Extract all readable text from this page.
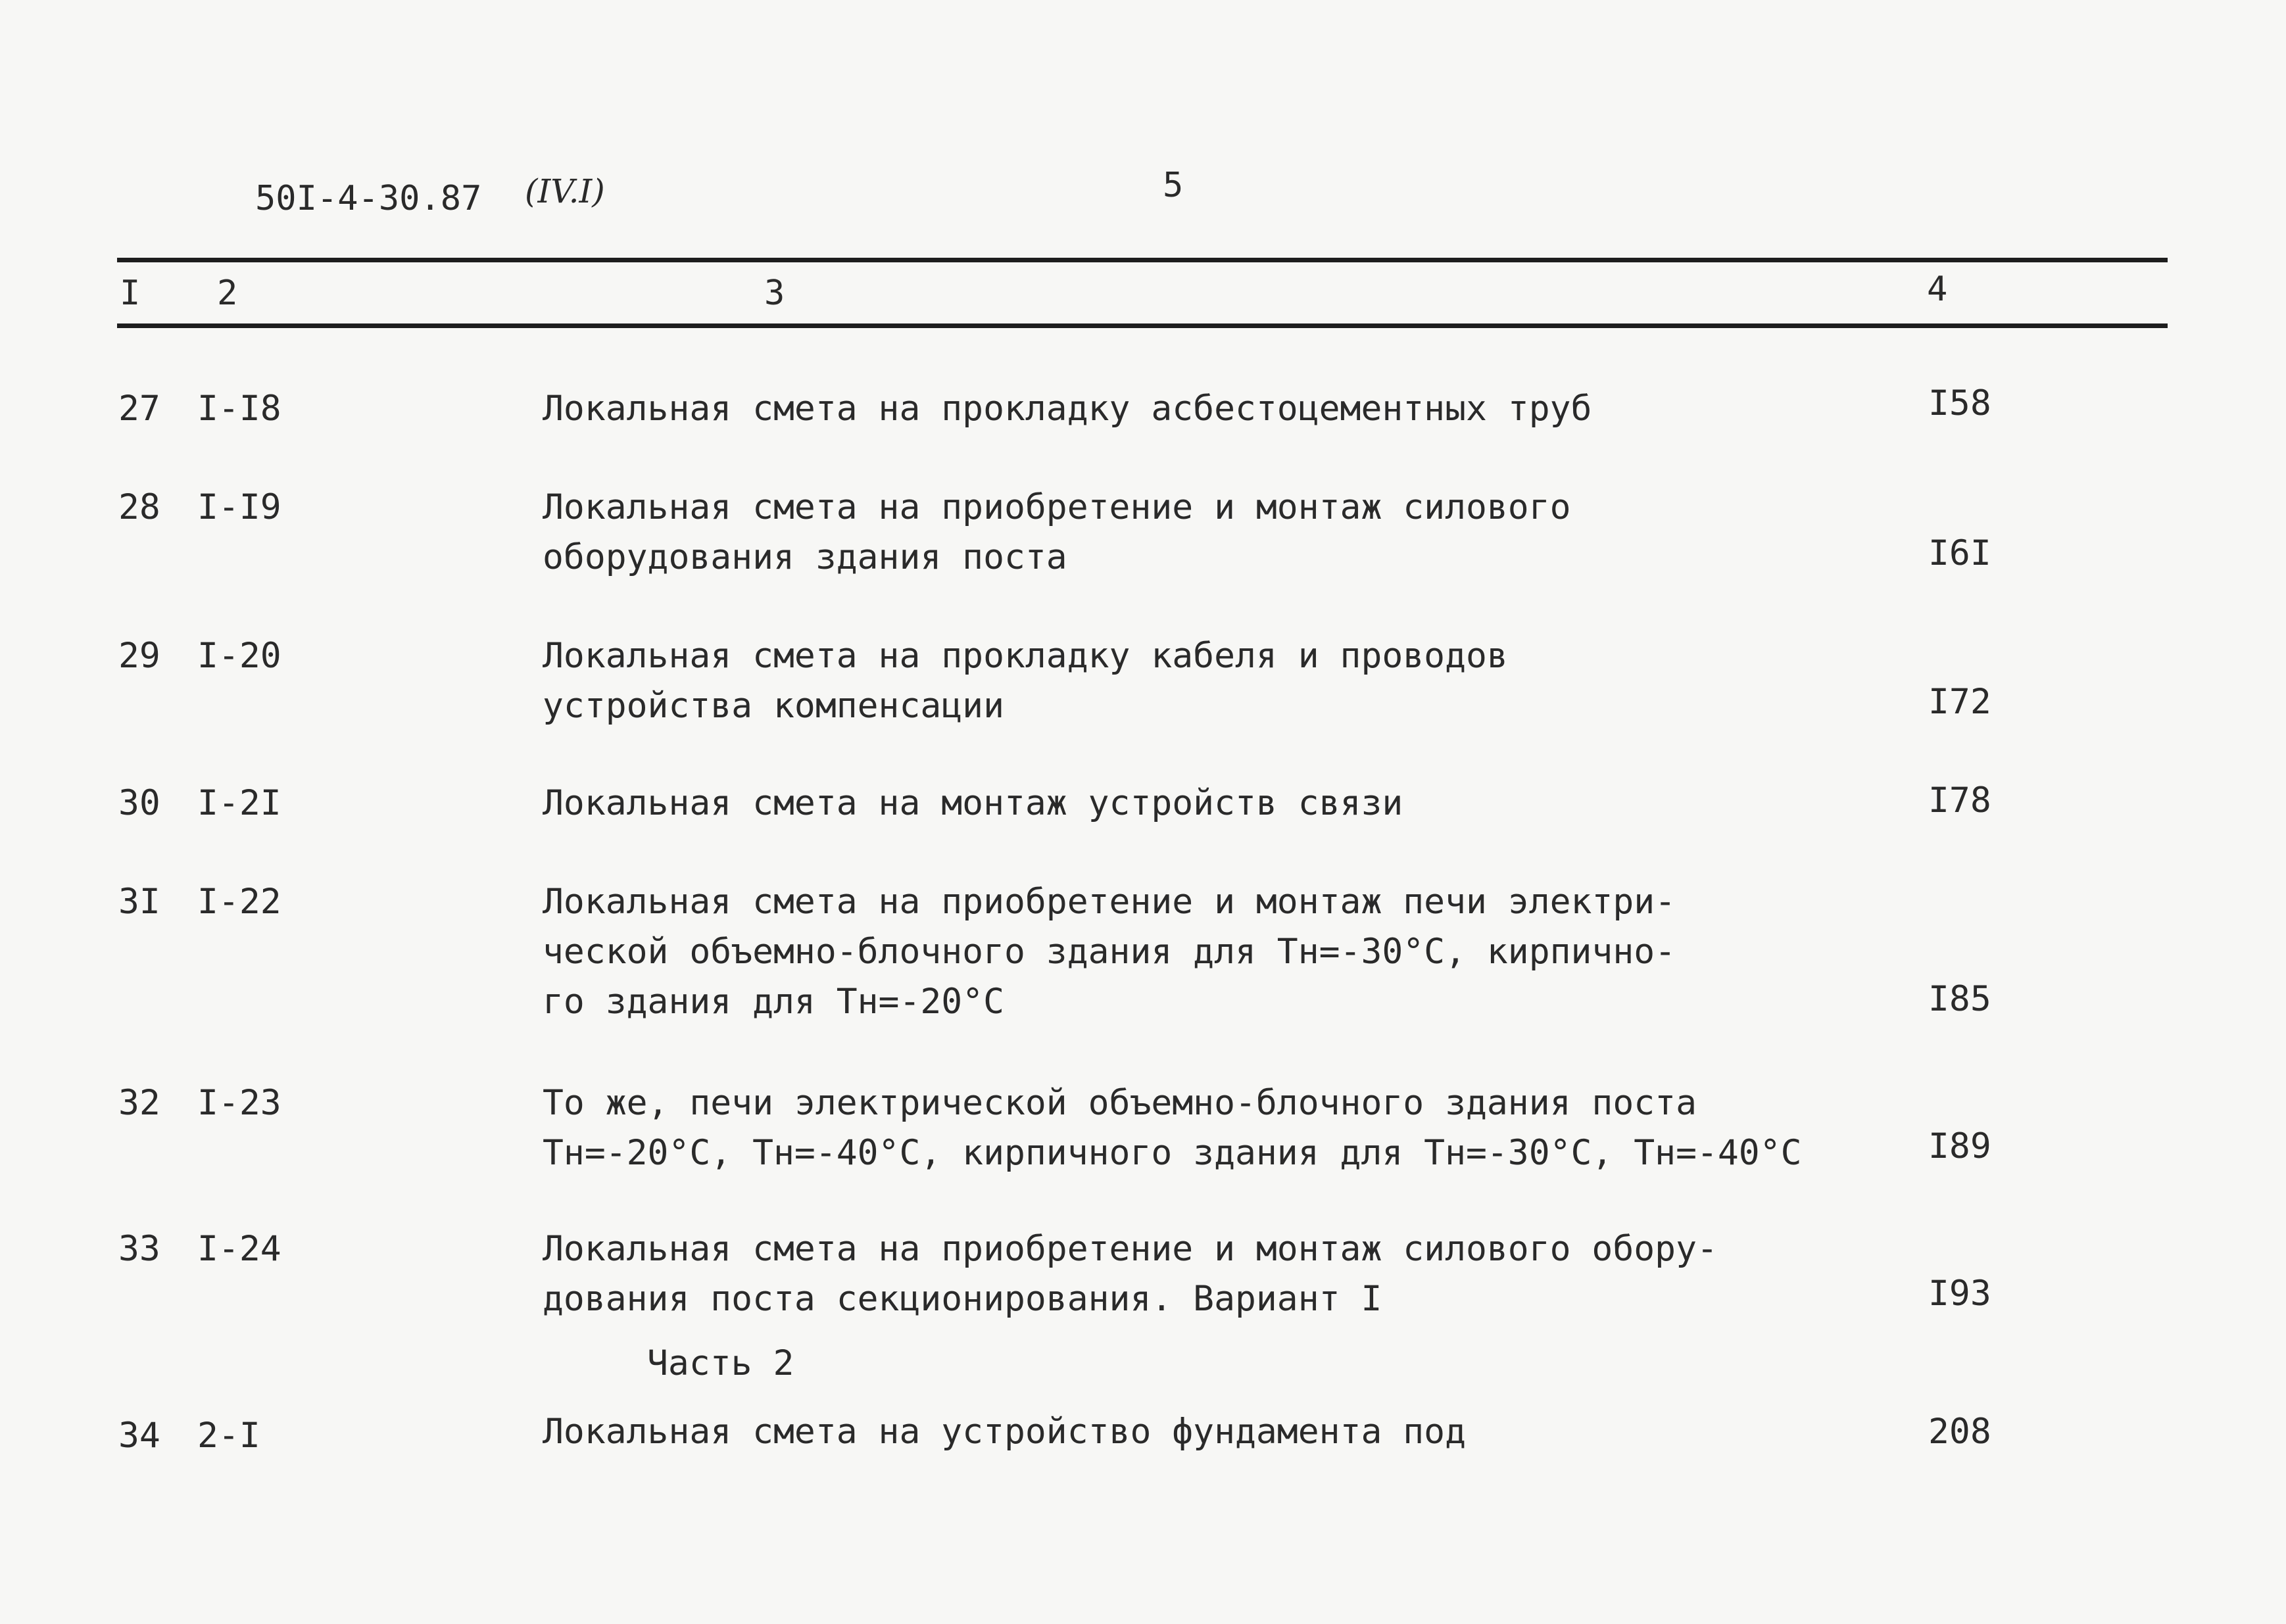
50I-4-30.87 (IV.I)	5
I 2	3	4
27 I-I8	Локальная смета на прокладку асбестоцементных труб	I58
28 I-I9	Локальная смета на приобретение и монтаж силового
оборудования здания поста	I6I
29 I-20	Локальная смета на прокладку кабеля и проводов
устройства компенсации	I72
30 I-2I	Локальная смета на монтаж устройств связи	I78
3I I-22	Локальная смета на приобретение и монтаж печи электри-
ческой объемно-блочного здания для Тн=-30°С, кирпично-
го здания для Тн=-20°С	I85
32 I-23	То же, печи электрической объемно-блочного здания поста
Тн=-20°С, Тн=-40°С, кирпичного здания для Тн=-30°С, Тн=-40°С	I89
33 I-24	Локальная смета на приобретение и монтаж силового обору-
дования поста секционирования. Вариант I	I93
Часть 2
34 2-I	Локальная смета на устройство фундамента под	208
